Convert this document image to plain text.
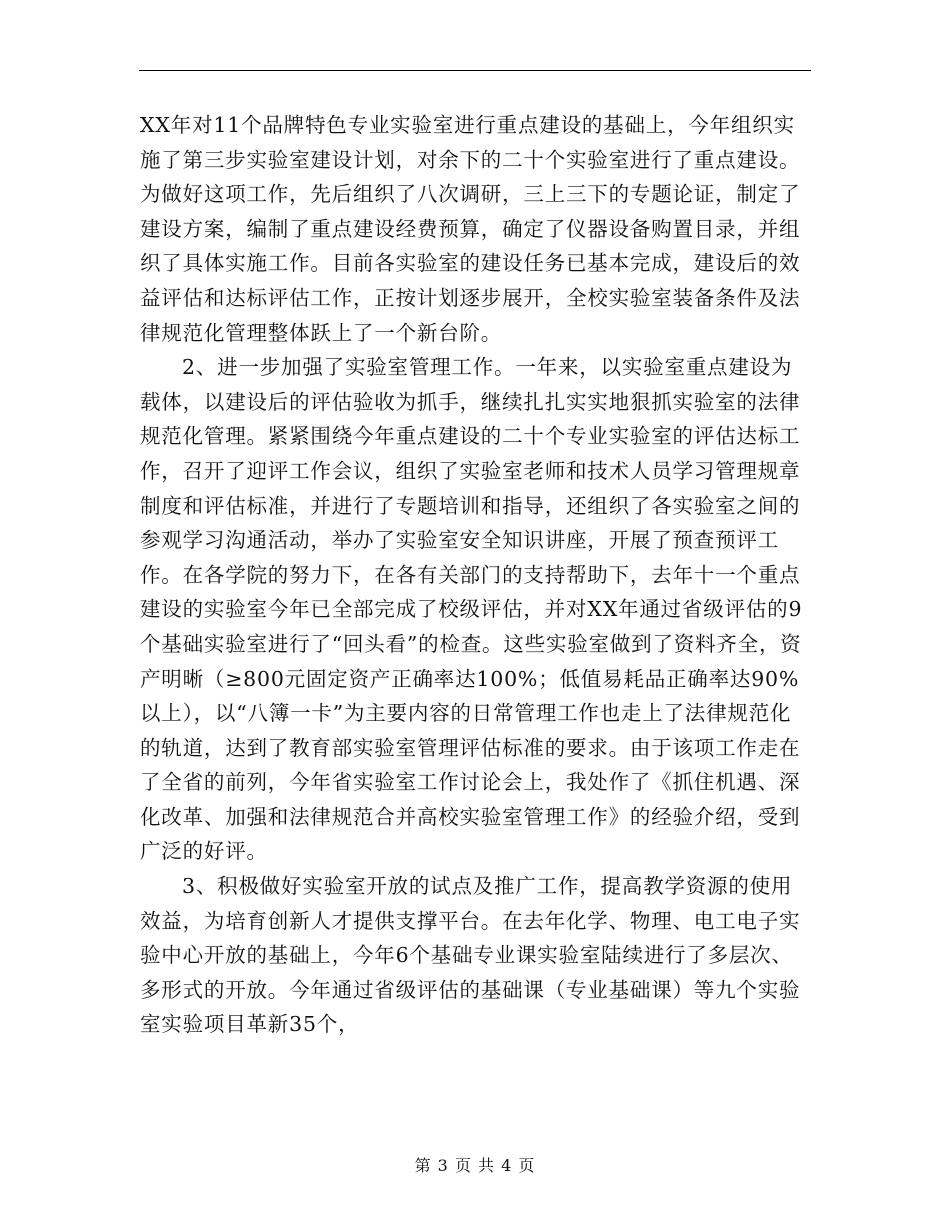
XX年对11个品牌特色专业实验室进行重点建设的基础上，今年组织实施了第三步实验室建设计划，对余下的二十个实验室进行了重点建设。为做好这项工作，先后组织了八次调研，三上三下的专题论证，制定了建设方案，编制了重点建设经费预算，确定了仪器设备购置目录，并组织了具体实施工作。目前各实验室的建设任务已基本完成，建设后的效益评估和达标评估工作，正按计划逐步展开，全校实验室装备条件及法律规范化管理整体跃上了一个新台阶。

2、进一步加强了实验室管理工作。一年来，以实验室重点建设为载体，以建设后的评估验收为抓手，继续扎扎实实地狠抓实验室的法律规范化管理。紧紧围绕今年重点建设的二十个专业实验室的评估达标工作，召开了迎评工作会议，组织了实验室老师和技术人员学习管理规章制度和评估标准，并进行了专题培训和指导，还组织了各实验室之间的参观学习沟通活动，举办了实验室安全知识讲座，开展了预查预评工作。在各学院的努力下，在各有关部门的支持帮助下，去年十一个重点建设的实验室今年已全部完成了校级评估，并对XX年通过省级评估的9个基础实验室进行了“回头看”的检查。这些实验室做到了资料齐全，资产明晰（≥800元固定资产正确率达100%；低值易耗品正确率达90%以上），以“八簿一卡”为主要内容的日常管理工作也走上了法律规范化的轨道，达到了教育部实验室管理评估标准的要求。由于该项工作走在了全省的前列，今年省实验室工作讨论会上，我处作了《抓住机遇、深化改革、加强和法律规范合并高校实验室管理工作》的经验介绍，受到广泛的好评。

3、积极做好实验室开放的试点及推广工作，提高教学资源的使用效益，为培育创新人才提供支撑平台。在去年化学、物理、电工电子实验中心开放的基础上，今年6个基础专业课实验室陆续进行了多层次、多形式的开放。今年通过省级评估的基础课（专业基础课）等九个实验室实验项目革新35个，

第 3 页 共 4 页
